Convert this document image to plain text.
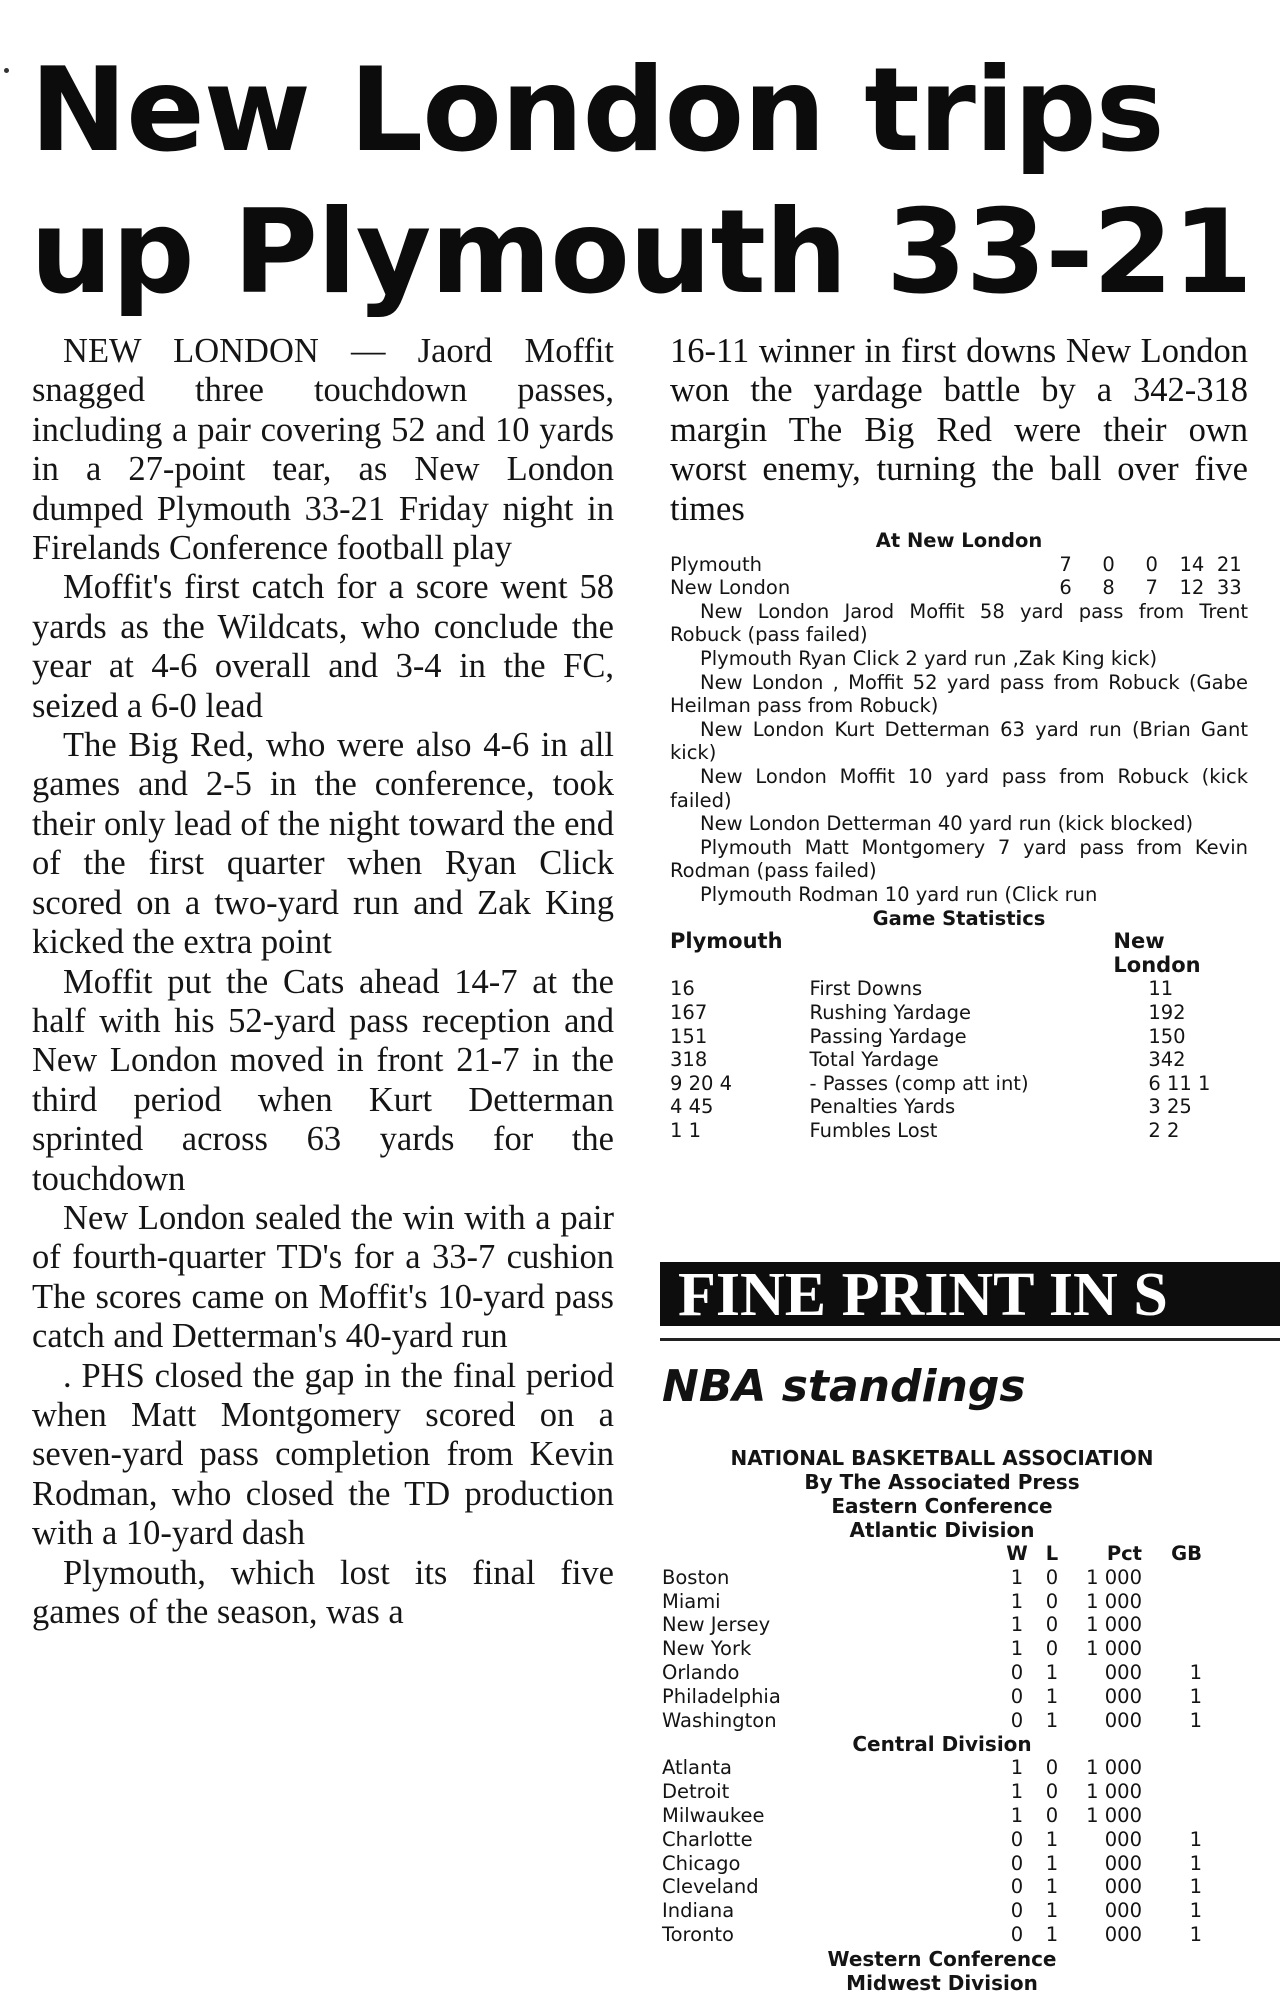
New London trips
up Plymouth 33-21

NEW LONDON — Jaord Moffit snagged three touchdown passes, including a pair covering 52 and 10 yards in a 27-point tear, as New London dumped Plymouth 33-21 Friday night in Firelands Conference football play

Moffit's first catch for a score went 58 yards as the Wildcats, who conclude the year at 4-6 overall and 3-4 in the FC, seized a 6-0 lead

The Big Red, who were also 4-6 in all games and 2-5 in the conference, took their only lead of the night toward the end of the first quarter when Ryan Click scored on a two-yard run and Zak King kicked the extra point

Moffit put the Cats ahead 14-7 at the half with his 52-yard pass reception and New London moved in front 21-7 in the third period when Kurt Detterman sprinted across 63 yards for the touchdown

New London sealed the win with a pair of fourth-quarter TD's for a 33-7 cushion The scores came on Moffit's 10-yard pass catch and Detterman's 40-yard run

. PHS closed the gap in the final period when Matt Montgomery scored on a seven-yard pass completion from Kevin Rodman, who closed the TD production with a 10-yard dash

Plymouth, which lost its final five games of the season, was a

16-11 winner in first downs New London won the yardage battle by a 342-318 margin The Big Red were their own worst enemy, turning the ball over five times

At New London
Plymouth	7	0	0	14 21
New London	6	8	7	12 33

New London Jarod Moffit 58 yard pass from Trent Robuck (pass failed)

Plymouth Ryan Click 2 yard run ,Zak King kick)

New London , Moffit 52 yard pass from Robuck (Gabe Heilman pass from Robuck)

New London Kurt Detterman 63 yard run (Brian Gant kick)

New London Moffit 10 yard pass from Robuck (kick failed)

New London Detterman 40 yard run (kick blocked)

Plymouth Matt Montgomery 7 yard pass from Kevin Rodman (pass failed)

Plymouth Rodman 10 yard run (Click run

Game Statistics
Plymouth	New London
16	First Downs	11
167	Rushing Yardage	192
151	Passing Yardage	150
318	Total Yardage	342
9 20 4	- Passes (comp att int)	6 11 1
4 45	Penalties Yards	3 25
1 1	Fumbles Lost	2 2
FINE PRINT IN S
NBA standings
NATIONAL BASKETBALL ASSOCIATION
By The Associated Press
Eastern Conference
Atlantic Division
W L	Pct	GB
Boston	1	0	1 000
Miami	1	0	1 000
New Jersey	1	0	1 000
New York	1	0	1 000
Orlando	0	1	000	1
Philadelphia	0	1	000	1
Washington	0	1	000	1
Central Division
Atlanta	1	0	1 000
Detroit	1	0	1 000
Milwaukee	1	0	1 000
Charlotte	0	1	000	1
Chicago	0	1	000	1
Cleveland	0	1	000	1
Indiana	0	1	000	1
Toronto	0	1	000	1
Western Conference
Midwest Division
